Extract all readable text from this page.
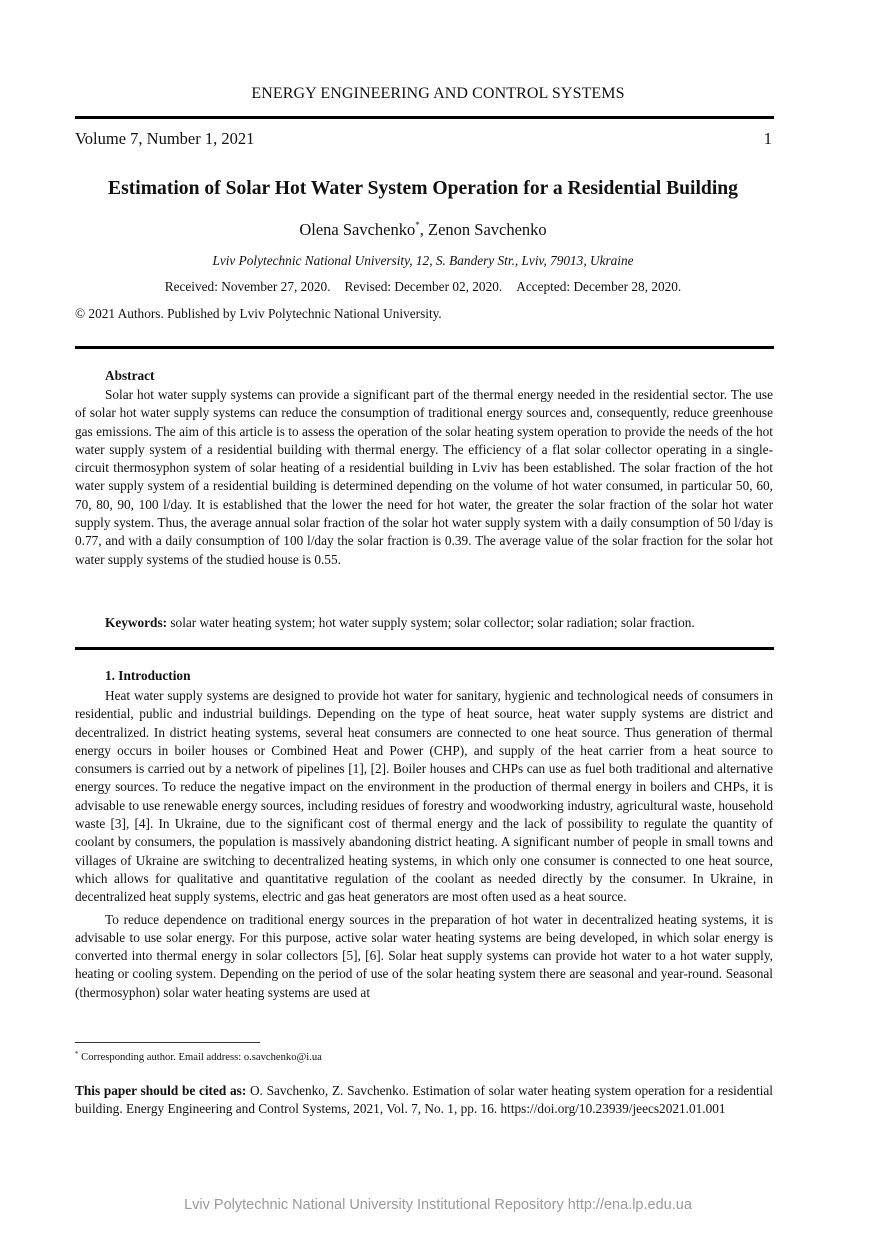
ENERGY ENGINEERING AND CONTROL SYSTEMS
Volume 7, Number 1, 2021	1
Estimation of Solar Hot Water System Operation for a Residential Building
Olena Savchenko*, Zenon Savchenko
Lviv Polytechnic National University, 12, S. Bandery Str., Lviv, 79013, Ukraine
Received: November 27, 2020. Revised: December 02, 2020. Accepted: December 28, 2020.
© 2021 Authors. Published by Lviv Polytechnic National University.
Abstract

Solar hot water supply systems can provide a significant part of the thermal energy needed in the residential sector. The use of solar hot water supply systems can reduce the consumption of traditional energy sources and, consequently, reduce greenhouse gas emissions. The aim of this article is to assess the operation of the solar heating system operation to provide the needs of the hot water supply system of a residential building with thermal energy. The efficiency of a flat solar collector operating in a single-circuit thermosyphon system of solar heating of a residential building in Lviv has been established. The solar fraction of the hot water supply system of a residential building is determined depending on the volume of hot water consumed, in particular 50, 60, 70, 80, 90, 100 l/day. It is established that the lower the need for hot water, the greater the solar fraction of the solar hot water supply system. Thus, the average annual solar fraction of the solar hot water supply system with a daily consumption of 50 l/day is 0.77, and with a daily consumption of 100 l/day the solar fraction is 0.39. The average value of the solar fraction for the solar hot water supply systems of the studied house is 0.55.

Keywords: solar water heating system; hot water supply system; solar collector; solar radiation; solar fraction.
1. Introduction

Heat water supply systems are designed to provide hot water for sanitary, hygienic and technological needs of consumers in residential, public and industrial buildings. Depending on the type of heat source, heat water supply systems are district and decentralized. In district heating systems, several heat consumers are connected to one heat source. Thus generation of thermal energy occurs in boiler houses or Combined Heat and Power (CHP), and supply of the heat carrier from a heat source to consumers is carried out by a network of pipelines [1], [2]. Boiler houses and CHPs can use as fuel both traditional and alternative energy sources. To reduce the negative impact on the environment in the production of thermal energy in boilers and CHPs, it is advisable to use renewable energy sources, including residues of forestry and woodworking industry, agricultural waste, household waste [3], [4]. In Ukraine, due to the significant cost of thermal energy and the lack of possibility to regulate the quantity of coolant by consumers, the population is massively abandoning district heating. A significant number of people in small towns and villages of Ukraine are switching to decentralized heating systems, in which only one consumer is connected to one heat source, which allows for qualitative and quantitative regulation of the coolant as needed directly by the consumer. In Ukraine, in decentralized heat supply systems, electric and gas heat generators are most often used as a heat source.

To reduce dependence on traditional energy sources in the preparation of hot water in decentralized heating systems, it is advisable to use solar energy. For this purpose, active solar water heating systems are being developed, in which solar energy is converted into thermal energy in solar collectors [5], [6]. Solar heat supply systems can provide hot water to a hot water supply, heating or cooling system. Depending on the period of use of the solar heating system there are seasonal and year-round. Seasonal (thermosyphon) solar water heating systems are used at

* Corresponding author. Email address: o.savchenko@i.ua
This paper should be cited as: O. Savchenko, Z. Savchenko. Estimation of solar water heating system operation for a residential building. Energy Engineering and Control Systems, 2021, Vol. 7, No. 1, pp. 16. https://doi.org/10.23939/jeecs2021.01.001
Lviv Polytechnic National University Institutional Repository http://ena.lp.edu.ua
